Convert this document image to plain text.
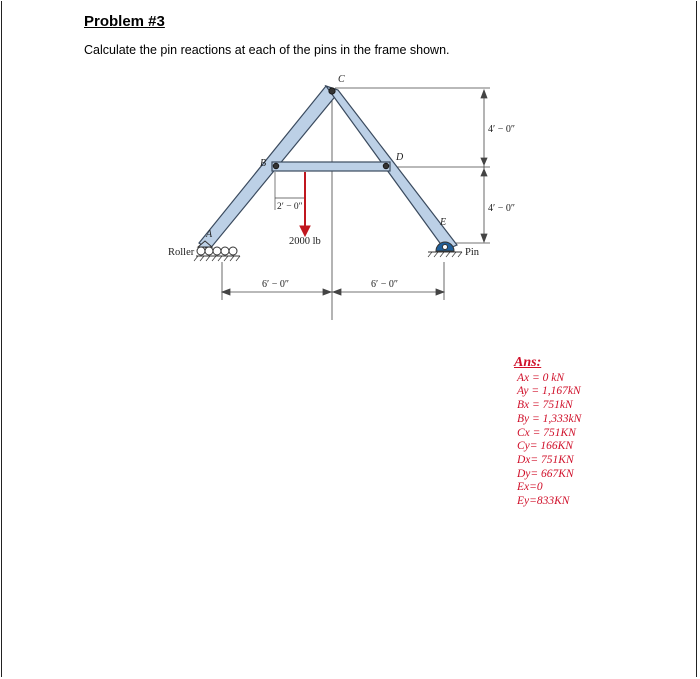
Problem #3
Calculate the pin reactions at each of the pins in the frame shown.
C
B
D
E
A
Roller	Pin
2000 lb
2′ − 0″
4′ − 0″
4′ − 0″
6′ − 0″	6′ − 0″
Ans:
Ax = 0 kN
Ay = 1,167kN
Bx = 751kN
By = 1,333kN
Cx = 751KN
Cy= 166KN
Dx= 751KN
Dy= 667KN
Ex=0
Ey=833KN
